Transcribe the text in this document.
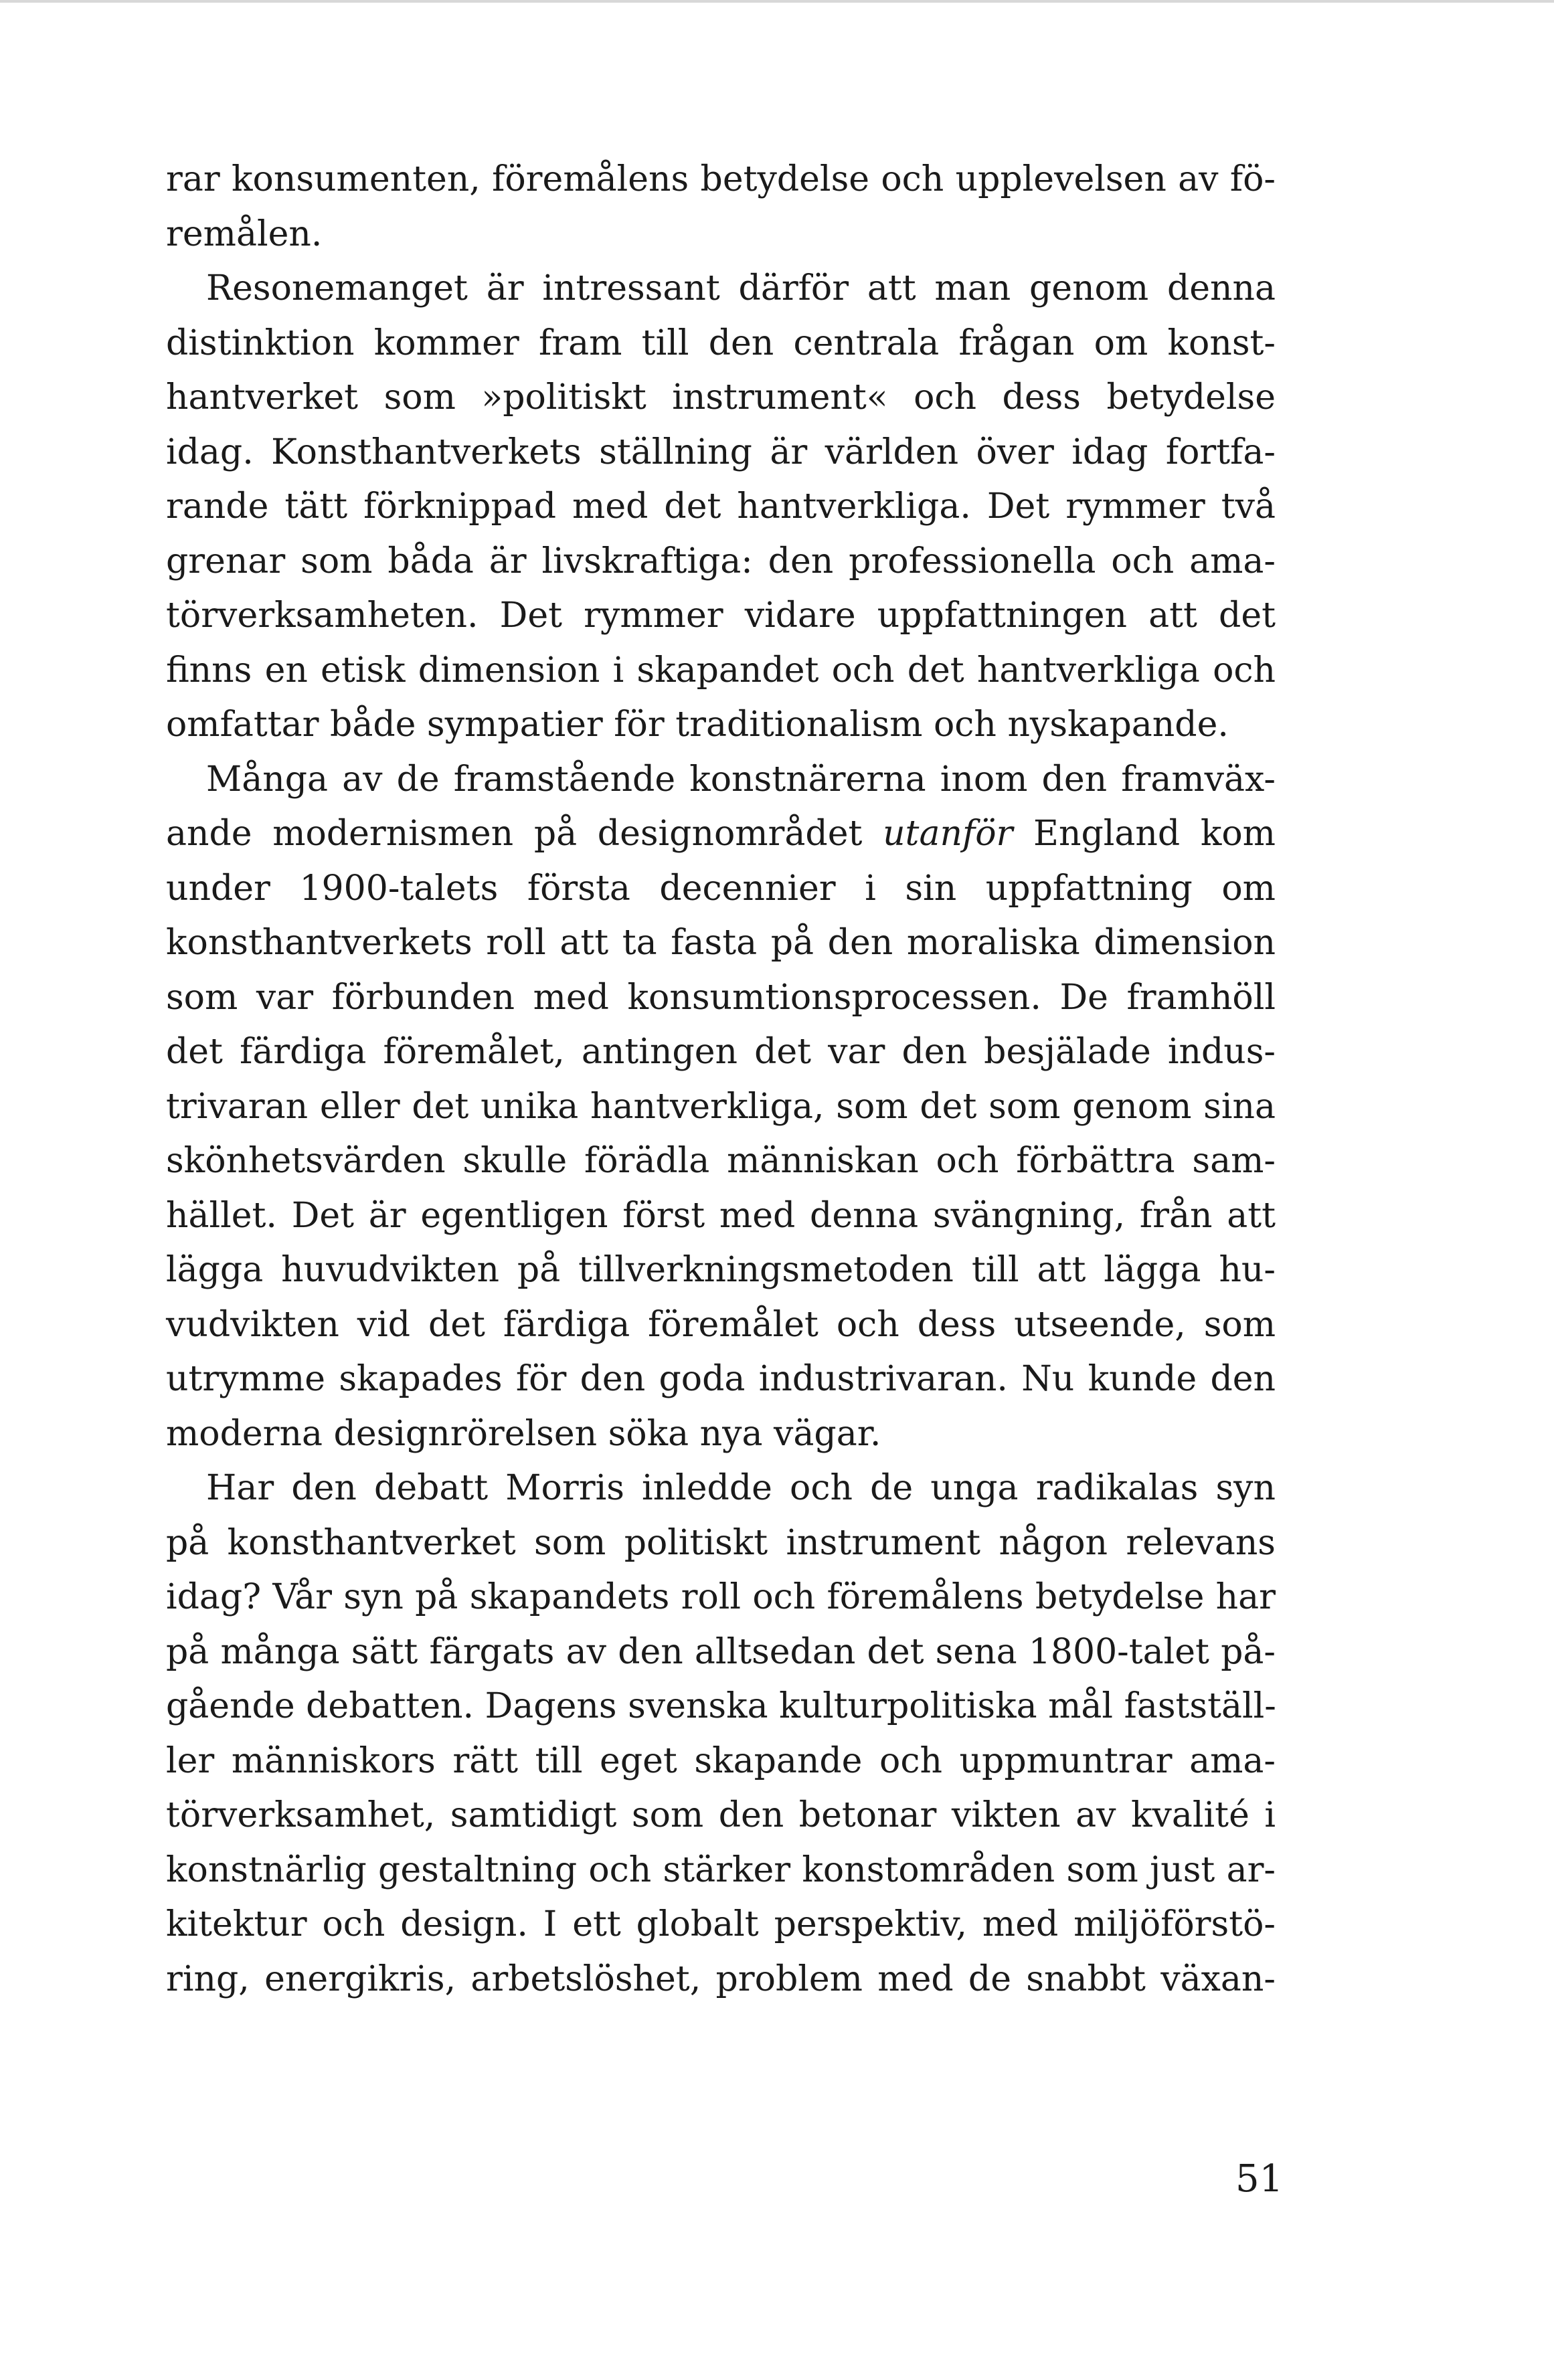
rar konsumenten, föremålens betydelse och upplevelsen av fö-
remålen.
Resonemanget är intressant därför att man genom denna
distinktion kommer fram till den centrala frågan om konst-
hantverket som »politiskt instrument« och dess betydelse
idag. Konsthantverkets ställning är världen över idag fortfa-
rande tätt förknippad med det hantverkliga. Det rymmer två
grenar som båda är livskraftiga: den professionella och ama-
törverksamheten. Det rymmer vidare uppfattningen att det
finns en etisk dimension i skapandet och det hantverkliga och
omfattar både sympatier för traditionalism och nyskapande.
Många av de framstående konstnärerna inom den framväx-
ande modernismen på designområdet utanför England kom
under 1900-talets första decennier i sin uppfattning om
konsthantverkets roll att ta fasta på den moraliska dimension
som var förbunden med konsumtionsprocessen. De framhöll
det färdiga föremålet, antingen det var den besjälade indus-
trivaran eller det unika hantverkliga, som det som genom sina
skönhetsvärden skulle förädla människan och förbättra sam-
hället. Det är egentligen först med denna svängning, från att
lägga huvudvikten på tillverkningsmetoden till att lägga hu-
vudvikten vid det färdiga föremålet och dess utseende, som
utrymme skapades för den goda industrivaran. Nu kunde den
moderna designrörelsen söka nya vägar.
Har den debatt Morris inledde och de unga radikalas syn
på konsthantverket som politiskt instrument någon relevans
idag? Vår syn på skapandets roll och föremålens betydelse har
på många sätt färgats av den alltsedan det sena 1800-talet på-
gående debatten. Dagens svenska kulturpolitiska mål fastställ-
ler människors rätt till eget skapande och uppmuntrar ama-
törverksamhet, samtidigt som den betonar vikten av kvalité i
konstnärlig gestaltning och stärker konstområden som just ar-
kitektur och design. I ett globalt perspektiv, med miljöförstö-
ring, energikris, arbetslöshet, problem med de snabbt växan-
51
